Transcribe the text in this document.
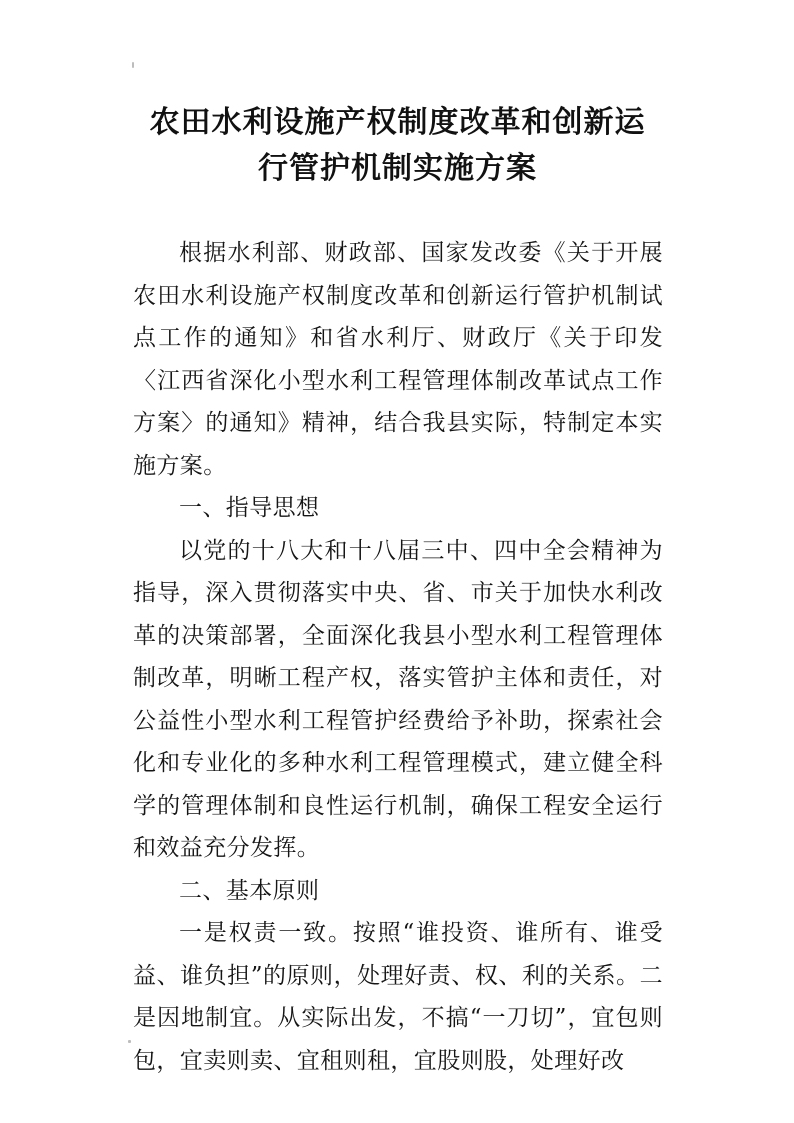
农田水利设施产权制度改革和创新运
行管护机制实施方案

根据水利部、财政部、国家发改委《关于开展农田水利设施产权制度改革和创新运行管护机制试点工作的通知》和省水利厅、财政厅《关于印发〈江西省深化小型水利工程管理体制改革试点工作方案〉的通知》精神，结合我县实际，特制定本实施方案。

一、指导思想

以党的十八大和十八届三中、四中全会精神为指导，深入贯彻落实中央、省、市关于加快水利改革的决策部署，全面深化我县小型水利工程管理体制改革，明晰工程产权，落实管护主体和责任，对公益性小型水利工程管护经费给予补助，探索社会化和专业化的多种水利工程管理模式，建立健全科学的管理体制和良性运行机制，确保工程安全运行和效益充分发挥。

二、基本原则

一是权责一致。按照“谁投资、谁所有、谁受益、谁负担”的原则，处理好责、权、利的关系。二是因地制宜。从实际出发，不搞“一刀切”，宜包则包，宜卖则卖、宜租则租，宜股则股，处理好改
